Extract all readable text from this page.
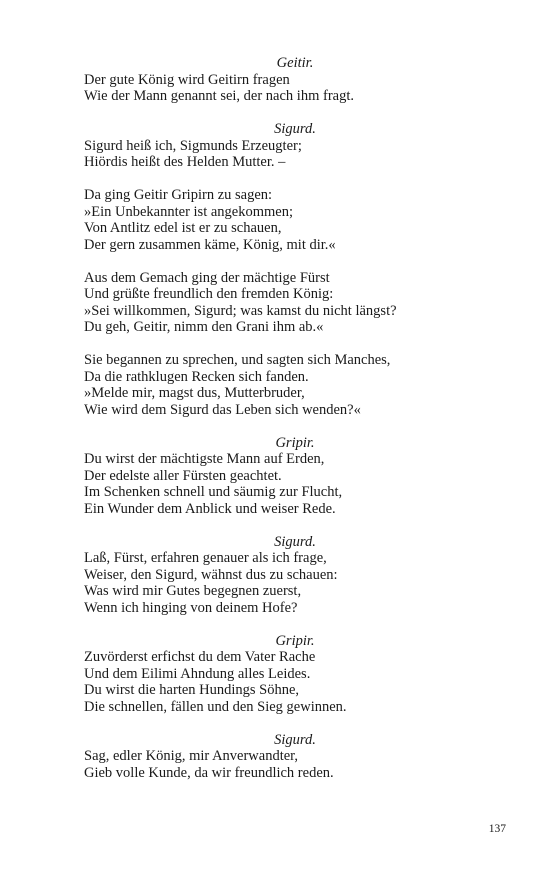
Geitir.
Der gute König wird Geitirn fragen
Wie der Mann genannt sei, der nach ihm fragt.
Sigurd.
Sigurd heiß ich, Sigmunds Erzeugter;
Hiördis heißt des Helden Mutter. –
Da ging Geitir Gripirn zu sagen:
»Ein Unbekannter ist angekommen;
Von Antlitz edel ist er zu schauen,
Der gern zusammen käme, König, mit dir.«
Aus dem Gemach ging der mächtige Fürst
Und grüßte freundlich den fremden König:
»Sei willkommen, Sigurd; was kamst du nicht längst?
Du geh, Geitir, nimm den Grani ihm ab.«
Sie begannen zu sprechen, und sagten sich Manches,
Da die rathklugen Recken sich fanden.
»Melde mir, magst dus, Mutterbruder,
Wie wird dem Sigurd das Leben sich wenden?«
Gripir.
Du wirst der mächtigste Mann auf Erden,
Der edelste aller Fürsten geachtet.
Im Schenken schnell und säumig zur Flucht,
Ein Wunder dem Anblick und weiser Rede.
Sigurd.
Laß, Fürst, erfahren genauer als ich frage,
Weiser, den Sigurd, wähnst dus zu schauen:
Was wird mir Gutes begegnen zuerst,
Wenn ich hinging von deinem Hofe?
Gripir.
Zuvörderst erfichst du dem Vater Rache
Und dem Eilimi Ahndung alles Leides.
Du wirst die harten Hundings Söhne,
Die schnellen, fällen und den Sieg gewinnen.
Sigurd.
Sag, edler König, mir Anverwandter,
Gieb volle Kunde, da wir freundlich reden.
137
